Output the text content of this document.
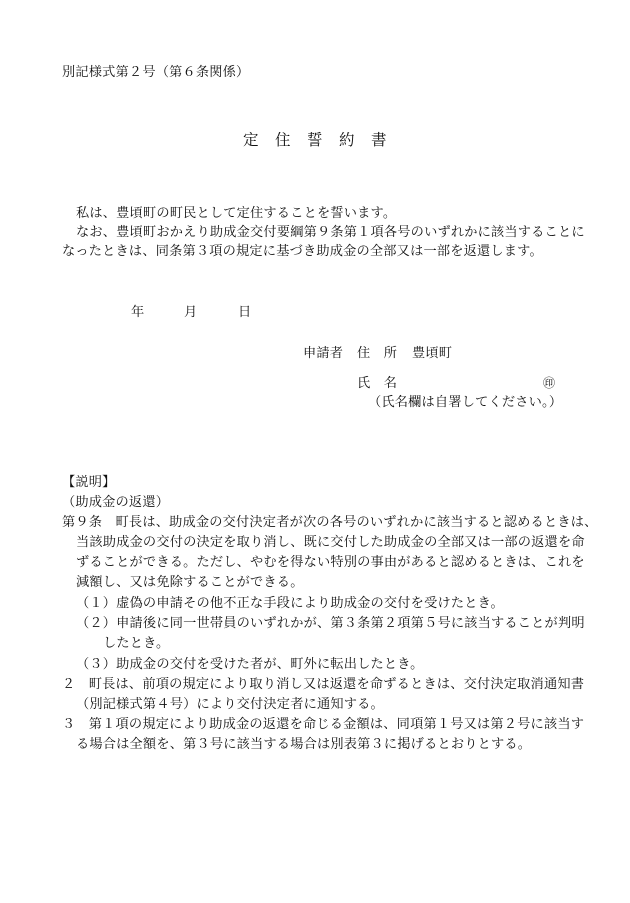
別記様式第２号（第６条関係）
定　住　誓　約　書
私は、豊頃町の町民として定住することを誓います。
なお、豊頃町おかえり助成金交付要綱第９条第１項各号のいずれかに該当することに
なったときは、同条第３項の規定に基づき助成金の全部又は一部を返還します。
年	月	日
申請者 住　所 豊頃町
氏　名	㊞
（氏名欄は自署してください。）
【説明】
（助成金の返還）
第９条　町長は、助成金の交付決定者が次の各号のいずれかに該当すると認めるときは、
当該助成金の交付の決定を取り消し、既に交付した助成金の全部又は一部の返還を命
ずることができる。ただし、やむを得ない特別の事由があると認めるときは、これを
減額し、又は免除することができる。
（１）虚偽の申請その他不正な手段により助成金の交付を受けたとき。
（２）申請後に同一世帯員のいずれかが、第３条第２項第５号に該当することが判明
したとき。
（３）助成金の交付を受けた者が、町外に転出したとき。
２　町長は、前項の規定により取り消し又は返還を命ずるときは、交付決定取消通知書
（別記様式第４号）により交付決定者に通知する。
３　第１項の規定により助成金の返還を命じる金額は、同項第１号又は第２号に該当す
る場合は全額を、第３号に該当する場合は別表第３に掲げるとおりとする。
